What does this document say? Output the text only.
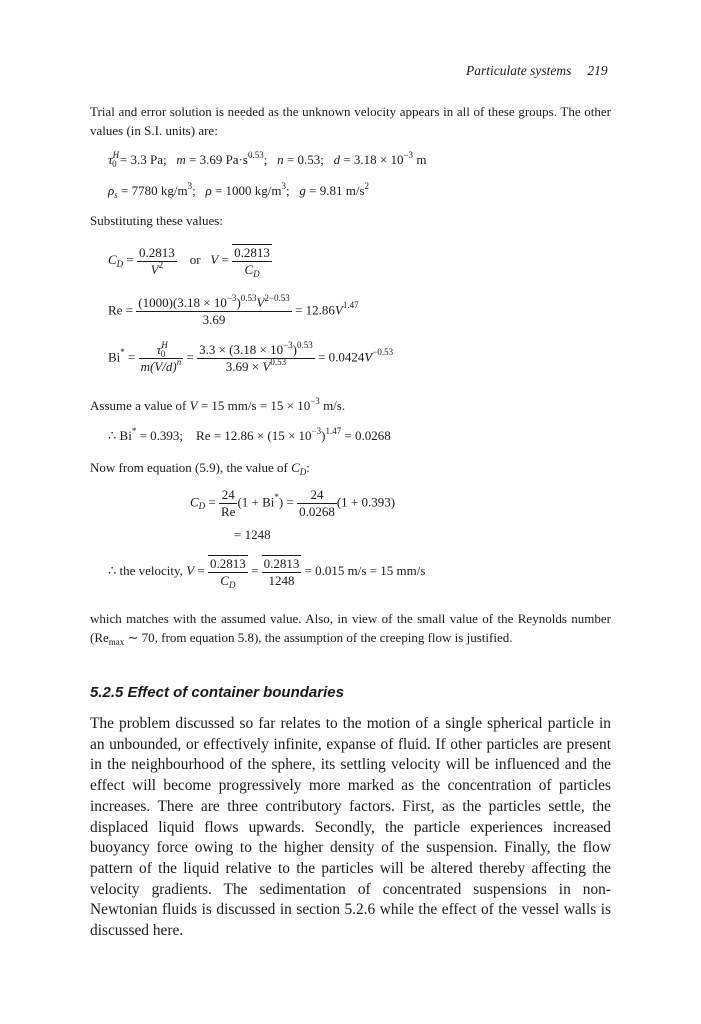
Particulate systems 219
Trial and error solution is needed as the unknown velocity appears in all of these groups. The other values (in S.I. units) are:
$\tau^H_0 = 3.3$ Pa; m = 3.69 $Pa\cdot s^{0.53}$; n = 0.53; $d = 3.18 \times 10^{-3}$ m
$\rho_s = 7780$ $kg/m^3$; ρ = 1000 $kg/m^3$; g = 9.81 $m/s^2$
Substituting these values:
$C_D = \frac{0.2813}{V^2}$ or $V = \frac{0.2813}{C_D}$
$Re = \frac{(1000)(3.18 \times 10^{-3})^{0.53}V^{2-0.53}}{3.69} = 12.86V^{1.47}$
$Bi^* = \frac{\tau^H_0}{m(V/d)^n} = \frac{3.3 \times (3.18 \times 10^{-3})^{0.53}}{3.69 \times V^{0.53}} = 0.0424V^{-0.53}$
Assume a value of V = 15 $mm/s = 15 \times 10^{-3}$ m/s.
∴ Bi* = 0.393; $Re = 12.86 \times (15 \times 10^{-3})^{1.47} = 0.0268$
Now from equation (5.9), the value of $C_D$:
$C_D = \frac{24}{Re} (1 + Bi^*) = \frac{24}{0.0268} (1 + 0.393)$
= 1248
∴ the velocity, $V = \frac{0.2813}{C_D} = \frac{0.2813}{1248} = 0.015$ m/s = 15 mm/s
which matches with the assumed value. Also, in view of the small value of the Reynolds number ($Re_{max}$ ∼ 70, from equation 5.8), the assumption of the creeping flow is justified.
5.2.5 Effect of container boundaries
The problem discussed so far relates to the motion of a single spherical particle in an unbounded, or effectively infinite, expanse of fluid. If other particles are present in the neighbourhood of the sphere, its settling velocity will be influenced and the effect will become progressively more marked as the concentration of particles increases. There are three contributory factors. First, as the particles settle, the displaced liquid flows upwards. Secondly, the particle experiences increased buoyancy force owing to the higher density of the suspension. Finally, the flow pattern of the liquid relative to the particles will be altered thereby affecting the velocity gradients. The sedimentation of concentrated suspensions in non-Newtonian fluids is discussed in section 5.2.6 while the effect of the vessel walls is discussed here.
